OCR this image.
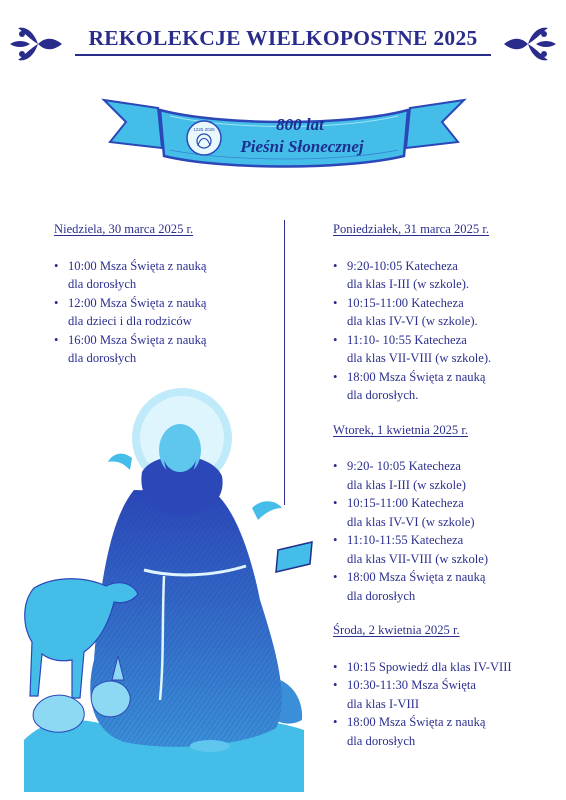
REKOLEKCJE WIELKOPOSTNE 2025
1225 2025	800 lat
Pieśni Słonecznej
Niedziela, 30 marca 2025 r.
• 10:00 Msza Święta z nauką
dla dorosłych
• 12:00 Msza Święta z nauką
dla dzieci i dla rodziców
• 16:00 Msza Święta z nauką
dla dorosłych
Poniedziałek, 31 marca 2025 r.
• 9:20-10:05 Katecheza
dla klas I-III (w szkole).
• 10:15-11:00 Katecheza
dla klas IV-VI (w szkole).
• 11:10- 10:55 Katecheza
dla klas VII-VIII (w szkole).
• 18:00 Msza Święta z nauką
dla dorosłych.
Wtorek, 1 kwietnia 2025 r.
• 9:20- 10:05 Katecheza
dla klas I-III (w szkole)
• 10:15-11:00 Katecheza
dla klas IV-VI (w szkole)
• 11:10-11:55 Katecheza
dla klas VII-VIII (w szkole)
• 18:00 Msza Święta z nauką
dla dorosłych
Środa, 2 kwietnia 2025 r.
• 10:15 Spowiedź dla klas IV-VIII
• 10:30-11:30 Msza Święta
dla klas I-VIII
• 18:00 Msza Święta z nauką
dla dorosłych
